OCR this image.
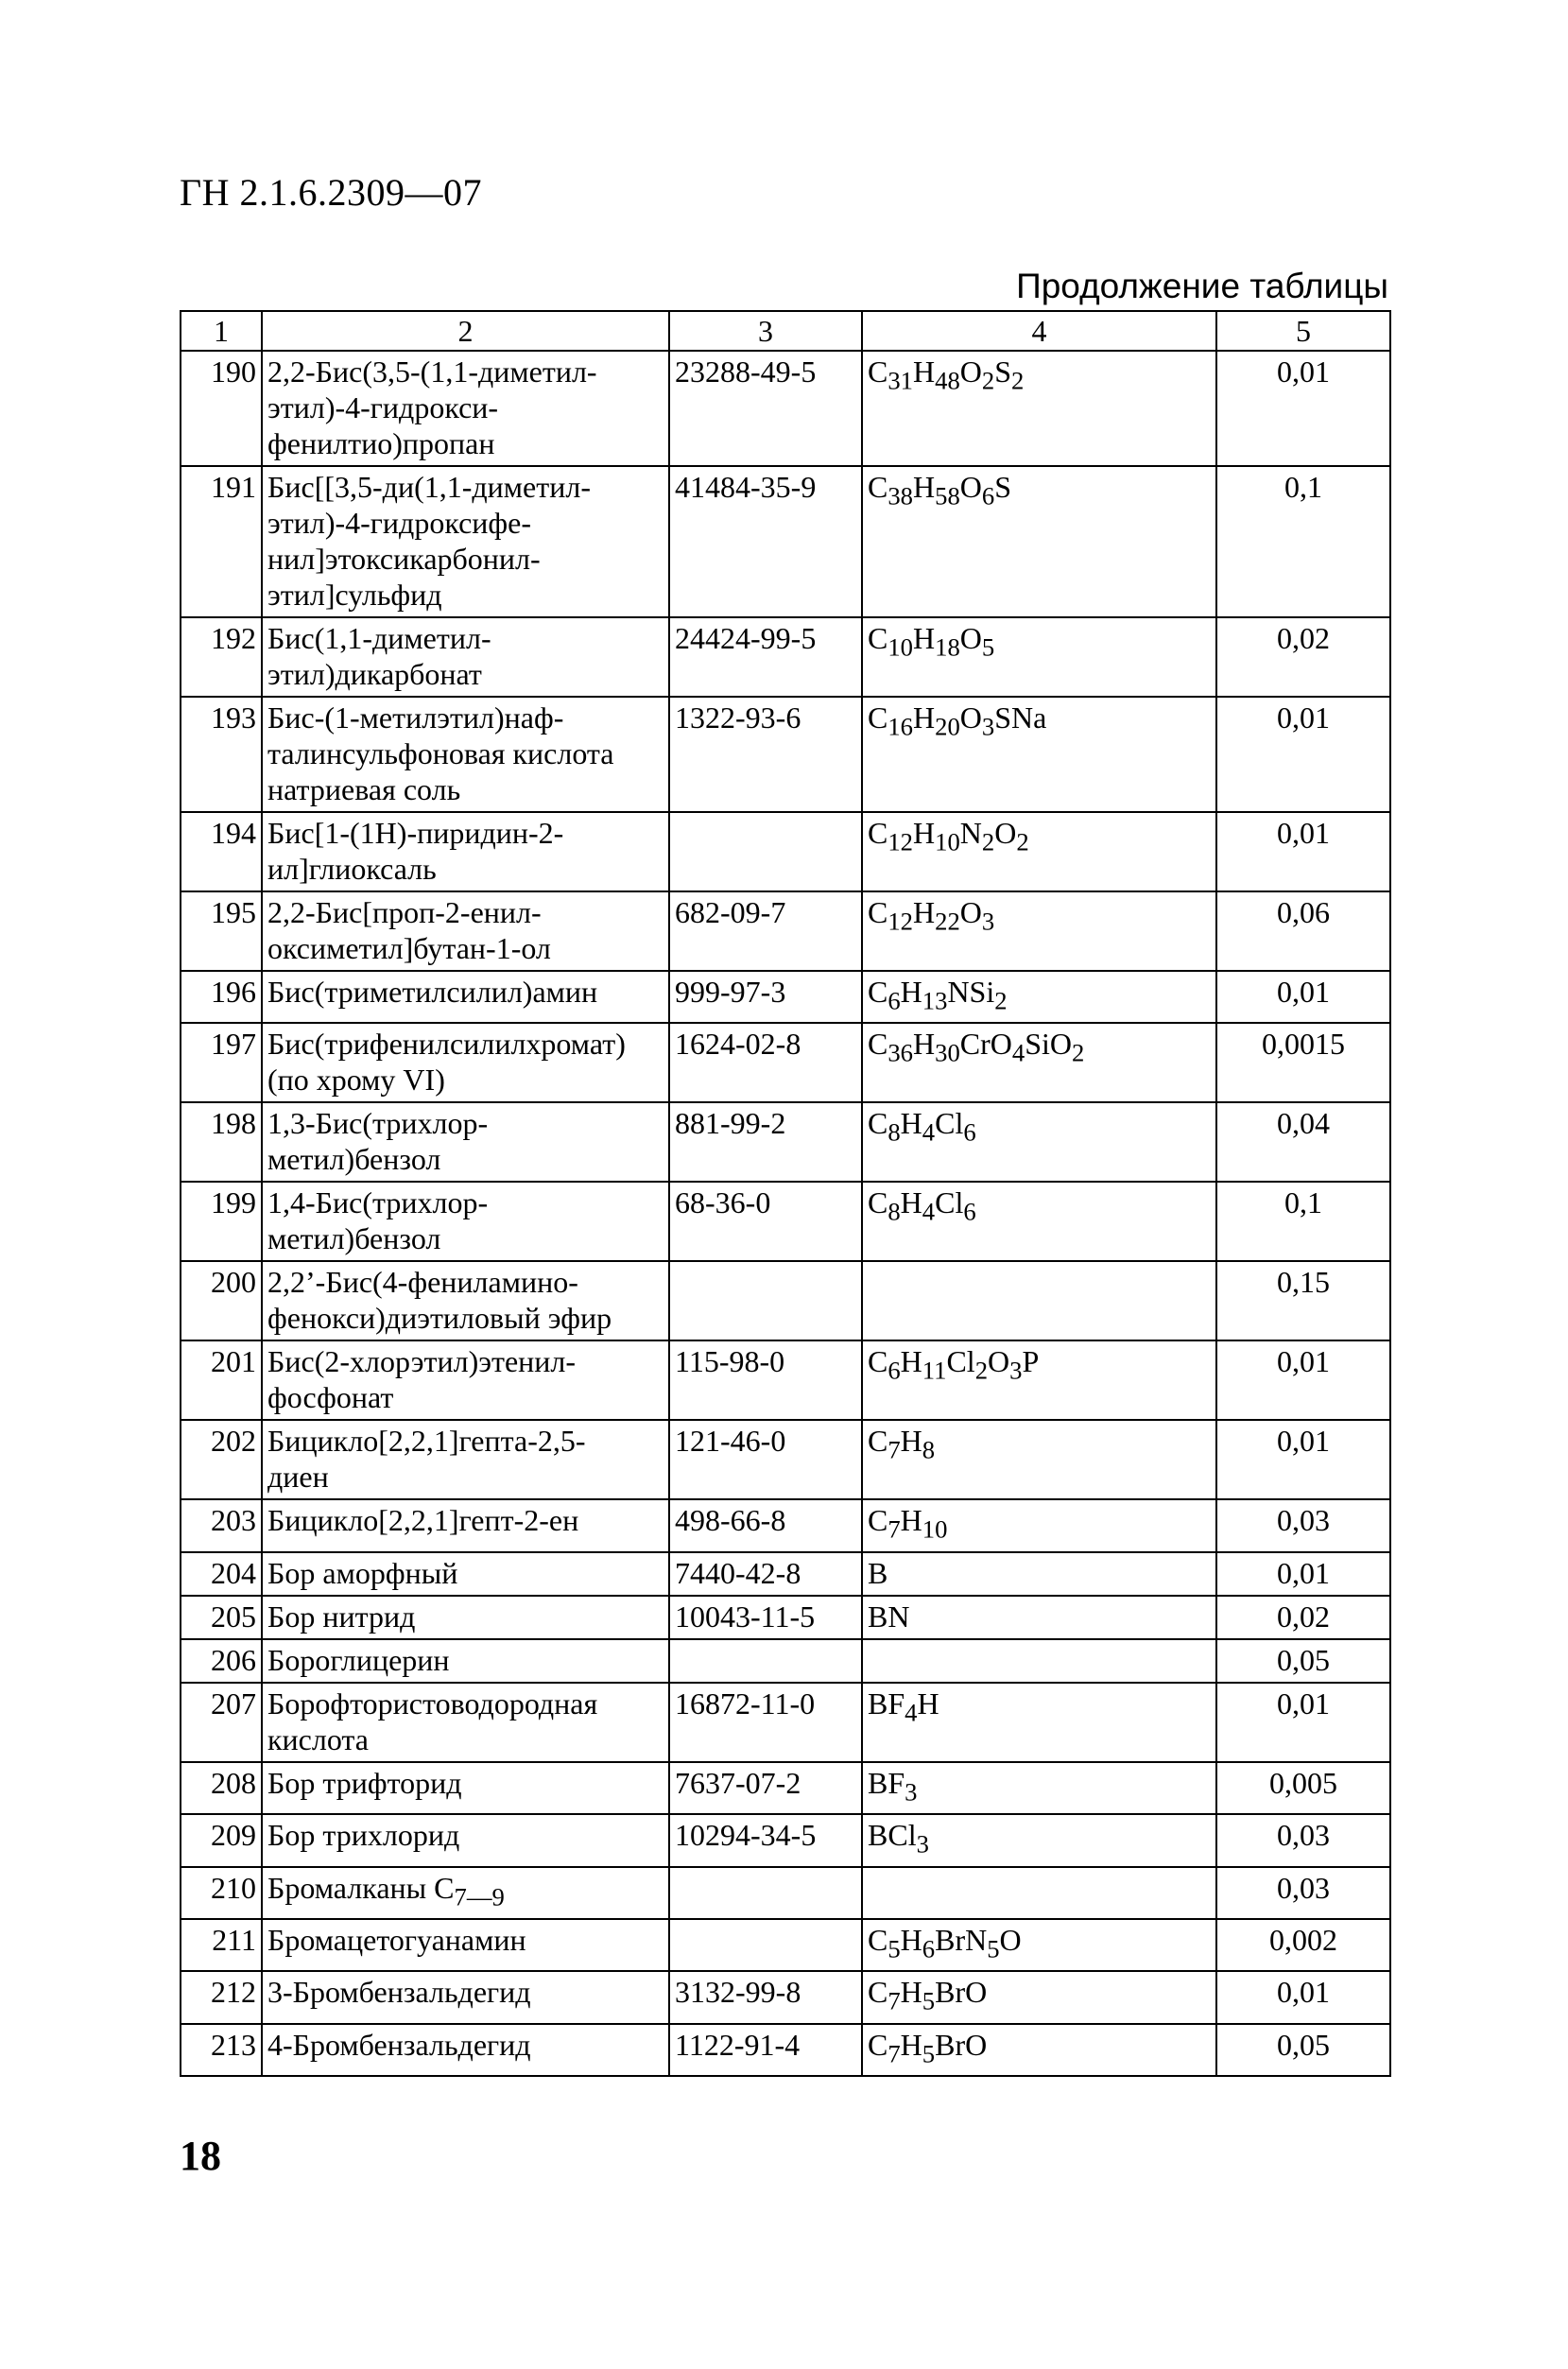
ГН 2.1.6.2309—07
Продолжение таблицы
1	2	3	4	5
190	2,2-Бис(3,5-(1,1-диметил-
этил)-4-гидрокси-
фенилтио)пропан	23288-49-5	$C_{31}H_{48}O_2S_2$	0,01
191	Бис[[3,5-ди(1,1-диметил-
этил)-4-гидроксифе-
нил]этоксикарбонил-
этил]сульфид	41484-35-9	$C_{38}H_{58}O_6S$	0,1
192	Бис(1,1-диметил-
этил)дикарбонат	24424-99-5	$C_{10}H_{18}O_5$	0,02
193	Бис-(1-метилэтил)наф-
талинсульфоновая кислота
натриевая соль	1322-93-6	$C_{16}H_{20}O_3SNa$	0,01
194	Бис[1-(1H)-пиридин-2-
ил]глиоксаль		$C_{12}H_{10}N_2O_2$	0,01
195	2,2-Бис[проп-2-енил-
оксиметил]бутан-1-ол	682-09-7	$C_{12}H_{22}O_3$	0,06
196	Бис(триметилсилил)амин	999-97-3	$C_6H_{13}NSi_2$	0,01
197	Бис(трифенилсилилхромат)
(по хрому VI)	1624-02-8	$C_{36}H_{30}CrO_4SiO_2$	0,0015
198	1,3-Бис(трихлор-
метил)бензол	881-99-2	$C_8H_4Cl_6$	0,04
199	1,4-Бис(трихлор-
метил)бензол	68-36-0	$C_8H_4Cl_6$	0,1
200	2,2’-Бис(4-фениламино-
фенокси)диэтиловый эфир			0,15
201	Бис(2-хлорэтил)этенил-
фосфонат	115-98-0	$C_6H_{11}Cl_2O_3P$	0,01
202	Бицикло[2,2,1]гепта-2,5-
диен	121-46-0	$C_7H_8$	0,01
203	Бицикло[2,2,1]гепт-2-ен	498-66-8	$C_7H_{10}$	0,03
204	Бор аморфный	7440-42-8	B	0,01
205	Бор нитрид	10043-11-5	BN	0,02
206	Бороглицерин			0,05
207	Борофтористоводородная
кислота	16872-11-0	$BF_4H$	0,01
208	Бор трифторид	7637-07-2	$BF_3$	0,005
209	Бор трихлорид	10294-34-5	BCl$_3$	0,03
210	Бромалканы $C_{7—9}$			0,03
211	Бромацетогуанамин		$C_5H_6BrN_5O$	0,002
212	3-Бромбензальдегид	3132-99-8	$C_7H_5BrO$	0,01
213	4-Бромбензальдегид	1122-91-4	$C_7H_5BrO$	0,05
18
